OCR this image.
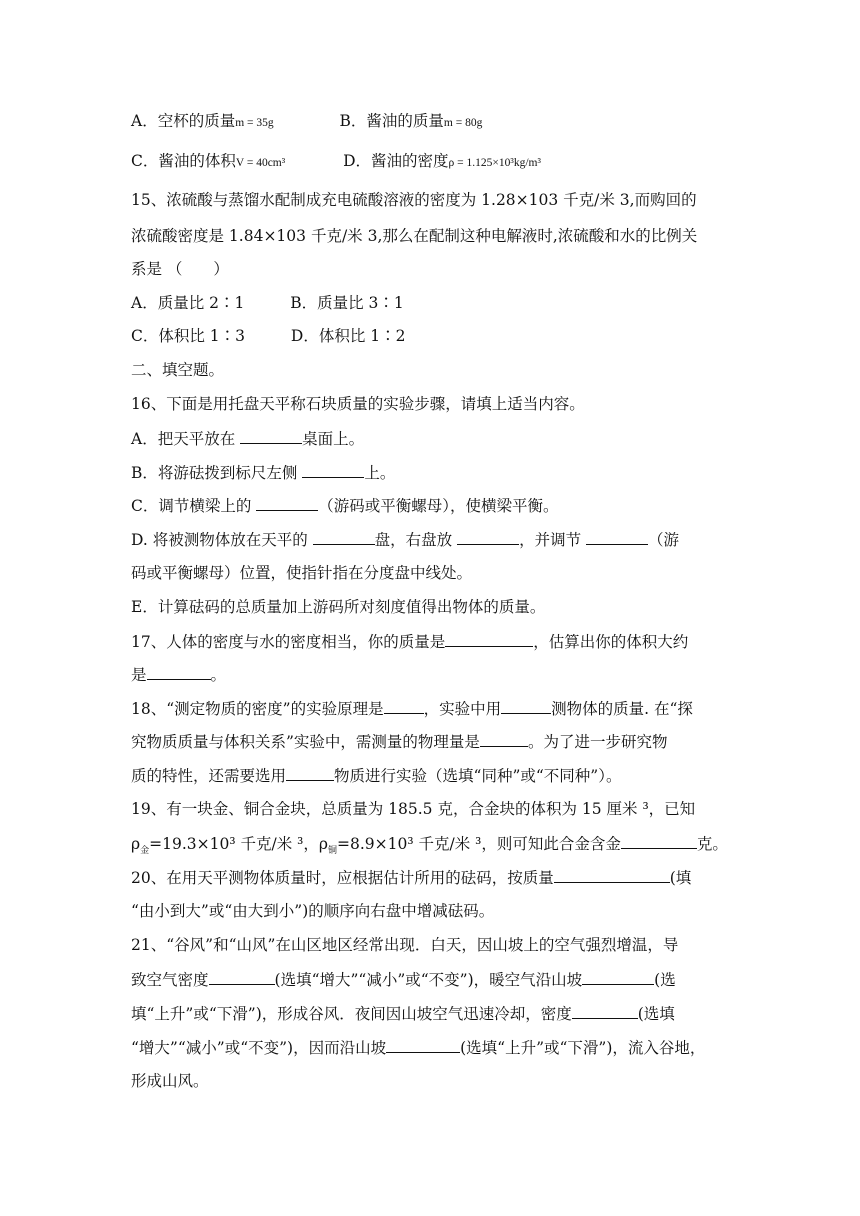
A．空杯的质量m = 35g	B．酱油的质量m = 80g
C．酱油的体积V = 40cm³	D．酱油的密度ρ = 1.125×10³kg/m³
15、浓硫酸与蒸馏水配制成充电硫酸溶液的密度为 1.28×103 千克/米 3,而购回的
浓硫酸密度是 1.84×103 千克/米 3,那么在配制这种电解液时,浓硫酸和水的比例关
系是 （　　）
A．质量比 2∶1	B．质量比 3∶1
C．体积比 1∶3	D．体积比 1∶2
二、填空题。
16、下面是用托盘天平称石块质量的实验步骤，请填上适当内容。
A．把天平放在	桌面上。
B．将游砝拨到标尺左侧	上。
C．调节横梁上的	（游码或平衡螺母），使横梁平衡。
D. 将被测物体放在天平的	盘，右盘放	，并调节	（游
码或平衡螺母）位置，使指针指在分度盘中线处。
E．计算砝码的总质量加上游码所对刻度值得出物体的质量。
17、人体的密度与水的密度相当，你的质量是	，估算出你的体积大约
是	。
18、“测定物质的密度”的实验原理是	，实验中用	测物体的质量. 在“探
究物质质量与体积关系”实验中，需测量的物理量是	。为了进一步研究物
质的特性，还需要选用	物质进行实验（选填“同种”或“不同种”）。
19、有一块金、铜合金块，总质量为 185.5 克，合金块的体积为 15 厘米 ³，已知
$\rho_金=19.3\times 10^3$ 千克/米 ³，$\rho_铜=8.9\times 10^3$ 千克/米 ³，则可知此合金含金	克。
20、在用天平测物体质量时，应根据估计所用的砝码，按质量	(填
“由小到大”或“由大到小”)的顺序向右盘中增减砝码。
21、“谷风”和“山风”在山区地区经常出现．白天，因山坡上的空气强烈增温，导
致空气密度	(选填“增大”“减小”或“不变”)，暖空气沿山坡	(选
填“上升”或“下滑”)，形成谷风．夜间因山坡空气迅速冷却，密度	(选填
“增大”“减小”或“不变”)，因而沿山坡	(选填“上升”或“下滑”)，流入谷地，
形成山风。
